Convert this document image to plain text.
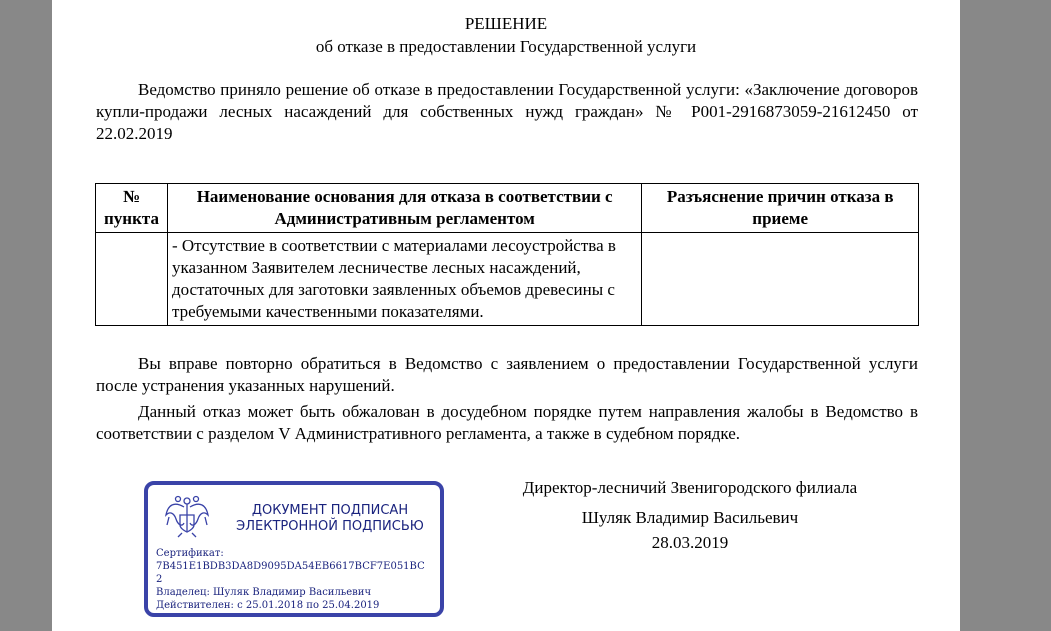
РЕШЕНИЕ
об отказе в предоставлении Государственной услуги
Ведомство приняло решение об отказе в предоставлении Государственной услуги: «Заключение договоров купли-продажи лесных насаждений для собственных нужд граждан» № P001-2916873059-21612450 от 22.02.2019
№ пункта	Наименование основания для отказа в соответствии с Административным регламентом	Разъяснение причин отказа в приеме
	- Отсутствие в соответствии с материалами лесоустройства в указанном Заявителем лесничестве лесных насаждений, достаточных для заготовки заявленных объемов древесины с требуемыми качественными показателями.	
Вы вправе повторно обратиться в Ведомство с заявлением о предоставлении Государственной услуги после устранения указанных нарушений.
Данный отказ может быть обжалован в досудебном порядке путем направления жалобы в Ведомство в соответствии с разделом V Административного регламента, а также в судебном порядке.
Директор-лесничий Звенигородского филиала
Шуляк Владимир Васильевич
28.03.2019
ДОКУМЕНТ ПОДПИСАН
ЭЛЕКТРОННОЙ ПОДПИСЬЮ
Сертификат:
7B451E1BDB3DA8D9095DA54EB6617BCF7E051BC2
Владелец: Шуляк Владимир Васильевич
Действителен: с 25.01.2018 по 25.04.2019
